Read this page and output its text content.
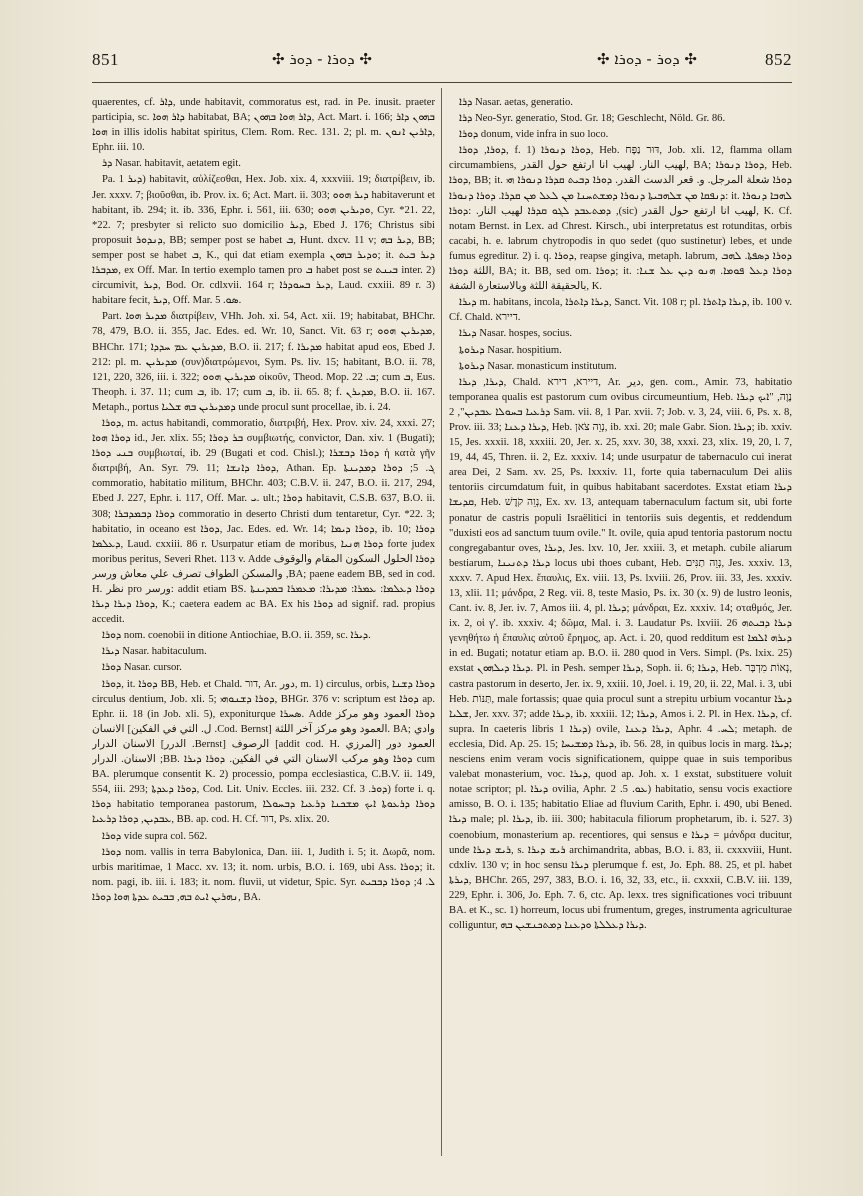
851	✣ ܕܘܪܐ - ܕܘܪ ✣	✣ ܕܘܪ - ܕܘܪܐ ✣	852

quaerentes, cf. ܕܐܪ, unde habitavit, commoratus est, rad. in Pe. inusit. praeter participia, sc. ܕܐܪ ܗܘܐ habitabat, BA; ܕܐܪ ܗܘܐ ܒܗܘܢ, Act. Mart. i. 166; ܒܗܘܢ ܕܐܪ ܗܘܐ in illis idolis habitat spiritus, Clem. Rom. Rec. 131. 2; pl. m. ܕܐܪܝܢ ܐܢܘܢ, Ephr. iii. 10.

ܕܪ Nasar. habitavit, aetatem egit.

Pa. ܕܝܪ 1) habitavit, αὐλίζεσθαι, Hex. Job. xix. 4, xxxviii. 19; διατρίβειν, ib. Jer. xxxv. 7; βιοῦσθαι, ib. Prov. ix. 6; Act. Mart. ii. 303; ܕܝܪ ܗܘܘ habitaverunt et habitant, ib. 294; it. ib. 336, Ephr. i. 561, iii. 630; ܘܕܝܪܝܢ ܗܘܘ, Cyr. *21. 22, *22. 7; presbyter si relicto suo domicilio ܕܝܪ, Ebed J. 176; Christus sibi proposuit ܕܢܕܘܪ, BB; semper post se habet ܒ, Hunt. dxcv. 11 v; ܕܝܪ ܒܗ, BB; semper post se habet ܒ, K., qui dat etiam exempla ܘܕܝܪ ܒܗܘܢ; it. ܕܝܪ ܒܝܬ ܡܕܒܪܐ, ex Off. Mar. In tertio exemplo tamen pro ܒ habet post se ܒܝܢܬ inter. 2) circumivit, ܕܝܪ, Bod. Or. cdlxvii. 164 r; ܕܝܪ ܒܚܘܕܪܐ, Laud. cxxiii. 89 r. 3) habitare fecit, ܕܝܪ, Off. Mar. ܣܘ. 5.

Part. ܡܕܝܪ ܗܘܐ διατρίβειν, VHh. Joh. xi. 54, Act. xii. 19; habitabat, BHChr. 78, 479, B.O. ii. 355, Jac. Edes. ed. Wr. 10, Sanct. Vit. 63 r; ܡܕܝܪܝܢ ܗܘܘ, BHChr. 171; ܡܕܝܪܝܢ ܥܡ ܚܕܕܐ, B.O. ii. 217; f. ܡܕܝܪܐ habitat apud eos, Ebed J. 212: pl. m. ܡܕܝܪܝܢ (συν)διατρώμενοι, Sym. Ps. liv. 15; habitant, B.O. ii. 78, 121, 220, 326, iii. i. 322; ܡܕܝܪܝܢ ܗܘܘ οἰκοῦν, Theod. Mop. ܒ. 22; cum ܒ, Eus. Theoph. i. 37. 11; cum ܒ, ib. 17; cum ܒ, ib. ii. 65. 8; f. ܡܕܝܪܢ, B.O. ii. 167. Metaph., portus ܕܡܕܝܪܝܢ ܒܗ ܫܠܝܐ unde procul sunt procellae, ib. i. 24.

ܕܘܪܐ, m. actus habitandi, commoratio, διατριβή, Hex. Prov. xiv. 24, xxxi. 27; ܕܘܪܐ ܗܘܐ id., Jer. xlix. 55; ܒܪ ܕܘܪܐ συμβιωτής, convictor, Dan. xiv. 1 (Bugati); ܒܢܝ ܕܘܪܐ συμβιωταί, ib. 29 (Bugati et cod. Chisl.); ܕܘܪܐ ܕܒܫܪܐ ἡ κατὰ γῆν διατριβή, An. Syr. 79. 11; ܕܘܪܐ ܕܐܢܫܐ, Athan. Ep. ܓ. 5; ܕܘܪܐ ܕܡܕܝܢܬܐ commoratio, habitatio militum, BHChr. 403; C.B.V. ii. 247, B.O. ii. 217, 294, Ebed J. 227, Ephr. i. 117, Off. Mar. ܝ. ult.; ܕܘܪܐ habitavit, C.S.B. 637, B.O. ii. 308; ܕܘܪܐ ܕܒܡܕܒܪܐ commoratio in deserto Christi dum tentaretur, Cyr. *22. 3; habitatio, in oceano est ܕܘܪܐ, Jac. Edes. ed. Wr. 14; ܕܘܪܐ ܕܝܡܐ, ib. 10; ܕܘܪܐ ܕܥܠܡܐ, Laud. cxxiii. 86 r. Usurpatur etiam de moribus, ܕܘܪܐ ܗܢܝܐ forte judex moribus peritus, Severi Rhet. 113 v. Adde ܕܘܪܐ الحلول السكون المقام والوقوف والمسكن الطواف تصرف علي معاش ورسر ,BA; paene eadem BB, sed in cod. H. نظر pro ورسر: addit etiam BS. ܕܘܪܐ ܕܥܠܡܐ: ܥܡܪܐ: ܡܕܝܪܐ: ܡܥܡܪܐ ܒܡܕܝܢܬܐ ܕܘܪܐ ܕܝܪܐ ܕܝܪܐ, K.; caetera eadem ac BA. Ex his ܕܘܪܐ ad signif. rad. propius accedit.

ܕܘܪܐ nom. coenobii in ditione Antiochiae, B.O. ii. 359, sc. ܕܝܪܐ.

ܕܝܪܐ Nasar. habitaculum.

ܕܘܪܐ Nasar. cursor.

ܕܘܪܐ, it. ܕܘܪܐ BB, Heb. et Chald. דור, Ar. دور, m. 1) circulus, orbis, ܕܘܪܐ ܕܫܢܐ circulus dentium, Job. xli. 5; ܕܘܪܐ ܕܫܢܘܗܝ, BHGr. 376 v: scriptum est ܕܘܪܐ ap. Ephr. ii. 18 (in Job. xli. 5), exponiturque ܣܚܪܐ. Adde ܕܘܪܐ العمود وهو مركز الانسان [ل. التي في الفكين .Cod. Bernst] العمود وهو مركز آخر اللثة. BA; وادي الاسنان الدرار [الدرر .Bernst] الرصوف [addit cod. H. المرزي] العمود دور الاسنان. الدرار ;BB. ܕܘܪܐ وهو مركب الاسنان التي في الفكين. ܕܘܪܐ ܕܝܪܐ cum BA. plerumque consentit K. 2) processio, pompa ecclesiastica, C.B.V. ii. 149, 554, iii. 293; ܕܘܪܐ ܕܥܕܬܐ, Cod. Lit. Univ. Eccles. iii. 232. Cf. ܕܘܪ. 3) forte i. q. ܕܘܪܐ habitatio temporanea pastorum, ܕܘܪܐ ܕܪܥܘܬܐ ܐܝܟ ܡܫܟܢܐ ܕܪܥܝܐ ܕܒܚܘܠܐ ܥܒܕܝܢ, ܕܘܪܐ ܕܪܥܝܐ, BB. ap. cod. H. Cf. דור, Ps. xlix. 20.

ܕܘܪܐ vide supra col. 562.

ܕܘܪܐ nom. vallis in terra Babylonica, Dan. iii. 1, Judith i. 5; it. Δωρᾶ, nom. urbis maritimae, 1 Macc. xv. 13; it. nom. urbis, B.O. i. 169, ubi Ass. ܕܘܪܐ; it. nom. pagi, ib. iii. i. 183; it. nom. fluvii, ut videtur, Spic. Syr. ܠ. 4; ܕܘܪܐ ܕܒܒܝܬ ܢܗܪܝܢ ܐܝܬ ܒܗ, ܒܒܝܬ ܥܕܬܐ ܗܘܐ ܕܘܪܐ, BA.

ܕܪܐ Nasar. aetas, generatio.

ܕܪܐ Neo-Syr. generatio, Stod. Gr. 18; Geschlecht, Nöld. Gr. 86.

ܕܘܪܐ donum, vide infra in suo loco.

ܕܘܪܐ, ܕܘܪܐ, f. 1) ܕܘܪܐ ܕܢܘܪܐ, Heb. דּוּר נַפָּח, Job. xli. 12, flamma ollam circumambiens, لهيب النار. لهيب انا ارتفع حول القدر, BA; ܕܘܪܐ ܕܢܘܪܐ, Heb. ܕܘܪܐ, BB; it. ܕܘܪܐ شعلة المرجل. و. قعر الدست القدر. ܕܘܪܐ ܕܒܝܬ ܩܕܪܐ ܕܢܘܪܐ ܗܝ ܕܢܦܩܐ ܡܢ ܫܠܗܒܝܬܐ ܕܢܘܪܐ ܕܡܫܬܚܢܐ ܡܢ ܠܥܠ ܡܢ ܩܕܪܐ. ܕܘܪܐ ܕܢܘܪܐ: it. ܠܗܒܐ ܕܢܘܪܐ ܕܡܬܥܒܕ ܠܓܘ ܩܕܪܐ لهيب النار. :ܕܘܪܐ ,(sic) لهيب انا ارتفع حول القدر, K. Cf. notam Bernst. in Lex. ad Chrest. Kirsch., ubi interpretatus est rotunditas, orbis cacabi, h. e. labrum chytropodis in quo sedet (quo sustinetur) lebes, et unde fumus egreditur. 2) i. q. ܕܘܪܐ, reapse gingiva, metaph. labrum, ܕܘܪܐ ܕܣܦܬܐ. ܠܗܒ اللثة ܕܘܪܐ, BA; it. BB, sed om. ܕܘܪܐ; it. ܕܘܪܐ ܕܥܠ ܦܘܡܐ. ܗܢܘ ܕܝܢ ܥܠ ܫܢܐ: بالحقيقة اللثة وبالاستعارة الشفة, K.

ܕܝܪܐ m. habitans, incola, ܕܝܪܐ ܕܐܬܪܐ, Sanct. Vit. 108 r; pl. ܕܝܪܐ ܕܐܬܪܐ, ib. 100 v. Cf. Chald. דיירא.

ܕܝܪܐ Nasar. hospes, socius.

ܕܝܪܘܬܐ Nasar. hospitium.

ܕܝܪܘܬܐ Nasar. monasticum institutum.

ܕܝܪܐ, ܕܝܪܐ, Chald. דיירא, דירא, Ar. دير, gen. com., Amir. 73, habitatio temporanea qualis est pastorum cum ovibus circumeuntium, Heb. נָוֶה, "ܐܝܟ ܕܝܪܐ ܕܪܥܝܐ ܒܚܘܠܐ ܥܒܕܝܢ", 2 Sam. vii. 8, 1 Par. xvii. 7; Job. v. 3, 24, viii. 6, Ps. x. 8, Prov. iii. 33; ܕܝܪܐ ܕܥܢܐ, Heb. נְוֵה צֹאן, ib. xxi. 20; male Gabr. Sion. ܕܝܪܐ; ib. xxiv. 15, Jes. xxxii. 18, xxxiii. 20, Jer. x. 25, xxv. 30, 38, xxxi. 23, xlix. 19, 20, l. 7, 19, 44, 45, Thren. ii. 2, Ez. xxxiv. 14; unde usurpatur de tabernaculo cui inerat area Dei, 2 Sam. xv. 25, Ps. lxxxiv. 11, forte quia tabernaculum Dei aliis tentoriis circumdatum fuit, in quibus habitabant sacerdotes. Exstat etiam ܕܝܪܐ ܩܕܝܫܐ, Heb. נְוֵה קֹדֶשׁ, Ex. xv. 13, antequam tabernaculum factum sit, ubi forte ponatur de castris populi Israëlitici in tentoriis suis degentis, et reddendum "duxisti eos ad sanctum tuum ovile." It. ovile, quia apud tentoria pastorum noctu congregabantur oves, ܕܝܪܐ, Jes. lxv. 10, Jer. xxiii. 3, et metaph. cubile aliarum bestiarum, ܕܝܪܐ ܕܬܢܝܢܐ locus ubi thoes cubant, Heb. נְוֵה תַנִּים, Jes. xxxiv. 13, xxxv. 7. Apud Hex. ἔπαυλις, Ex. viii. 13, Ps. lxviii. 26, Prov. iii. 33, Jes. xxxiv. 13, xlii. 11; μάνδρα, 2 Reg. vii. 8, teste Masio, Ps. ix. 30 (x. 9) de lustro leonis, Cant. iv. 8, Jer. iv. 7, Amos iii. 4, pl. ܕܝܪܐ; μάνδραι, Ez. xxxiv. 14; σταθμός, Jer. ix. 2, οἱ γ'. ib. xxxiv. 4; δῶμα, Mal. i. 3. Laudatur Ps. lxviii. 26 ܕܝܪܐ ܕܒܝܬܗ γενηθήτω ἡ ἔπαυλις αὐτοῦ ἔρημος, ap. Act. i. 20, quod redditum est ܕܝܪܗ ܐܠܡܐ in ed. Bugati; notatur etiam ap. B.O. ii. 280 quod in Vers. Simpl. (Ps. lxix. 25) exstat ܕܝܪܐ ܕܝܠܗܘܢ. Pl. in Pesh. semper ܕܝܪܐ, Soph. ii. 6; ܕܝܪܐ, Heb. נְאוֹת מִדְבָּר, castra pastorum in deserto, Jer. ix. 9, xxiii. 10, Joel. i. 19, 20, ii. 22, Mal. i. 3, ubi Heb. תַּנּוֹת, male fortassis; quae quia procul sunt a strepitu urbium vocantur ܕܝܪܐ ܫܠܝܐ, Jer. xxv. 37; adde ܕܝܪܐ, ib. xxxiii. 12; ܕܝܪܐ, Amos i. 2. Pl. in Hex. ܕܝܪܐ, cf. supra. In caeteris libris ܕܝܪܐ 1) ovile, ܕܝܪܐ ܕܥܢܐ, Aphr. ܠܚ. 4; metaph. de ecclesia, Did. Ap. 25. 15; ܕܝܪܐ ܕܡܫܝܚܐ, ib. 56. 28, in quibus locis in marg. ܕܝܪܐ; nesciens enim veram vocis significationem, quippe quae in suis temporibus valebat monasterium, voc. ܕܝܪܐ, quod ap. Joh. x. 1 exstat, substituere voluit notae scriptor; pl. ܕܝܪܐ ovilia, Aphr. ܥܘ. 5. 2) habitatio, sensu vocis exactiore amisso, B. O. i. 135; habitatio Eliae ad fluvium Carith, Ephr. i. 490, ubi Bened. ܕܝܪܐ male; pl. ܕܝܪܐ, ib. iii. 300; habitacula filiorum prophetarum, ib. i. 527. 3) coenobium, monasterium ap. recentiores, qui sensus e ܕܝܪܐ = μάνδρα ducitur, unde ܪܝܫ ܕܝܪܐ, s. ܪܝܫ ܕܝܪܐ archimandrita, abbas, B.O. i. 83, ii. cxxxviii, Hunt. cdxliv. 130 v; in hoc sensu ܕܝܪܐ plerumque f. est, Jo. Eph. 88. 25, et pl. habet ܕܝܪܬܐ, BHChr. 265, 297, 383, B.O. i. 16, 32, 33, etc., ii. cxxxii, C.B.V. iii. 139, 229, Ephr. i. 306, Jo. Eph. 7. 6, ctc. Ap. lexx. tres significationes voci tribuunt BA. et K., sc. 1) horreum, locus ubi frumentum, greges, instrumenta agriculturae colliguntur, ܕܝܪܐ ܕܥܠܠܬܐ ܘܕܥܢܐ ܕܡܬܟܢܫܝܢ ܒܗ.
